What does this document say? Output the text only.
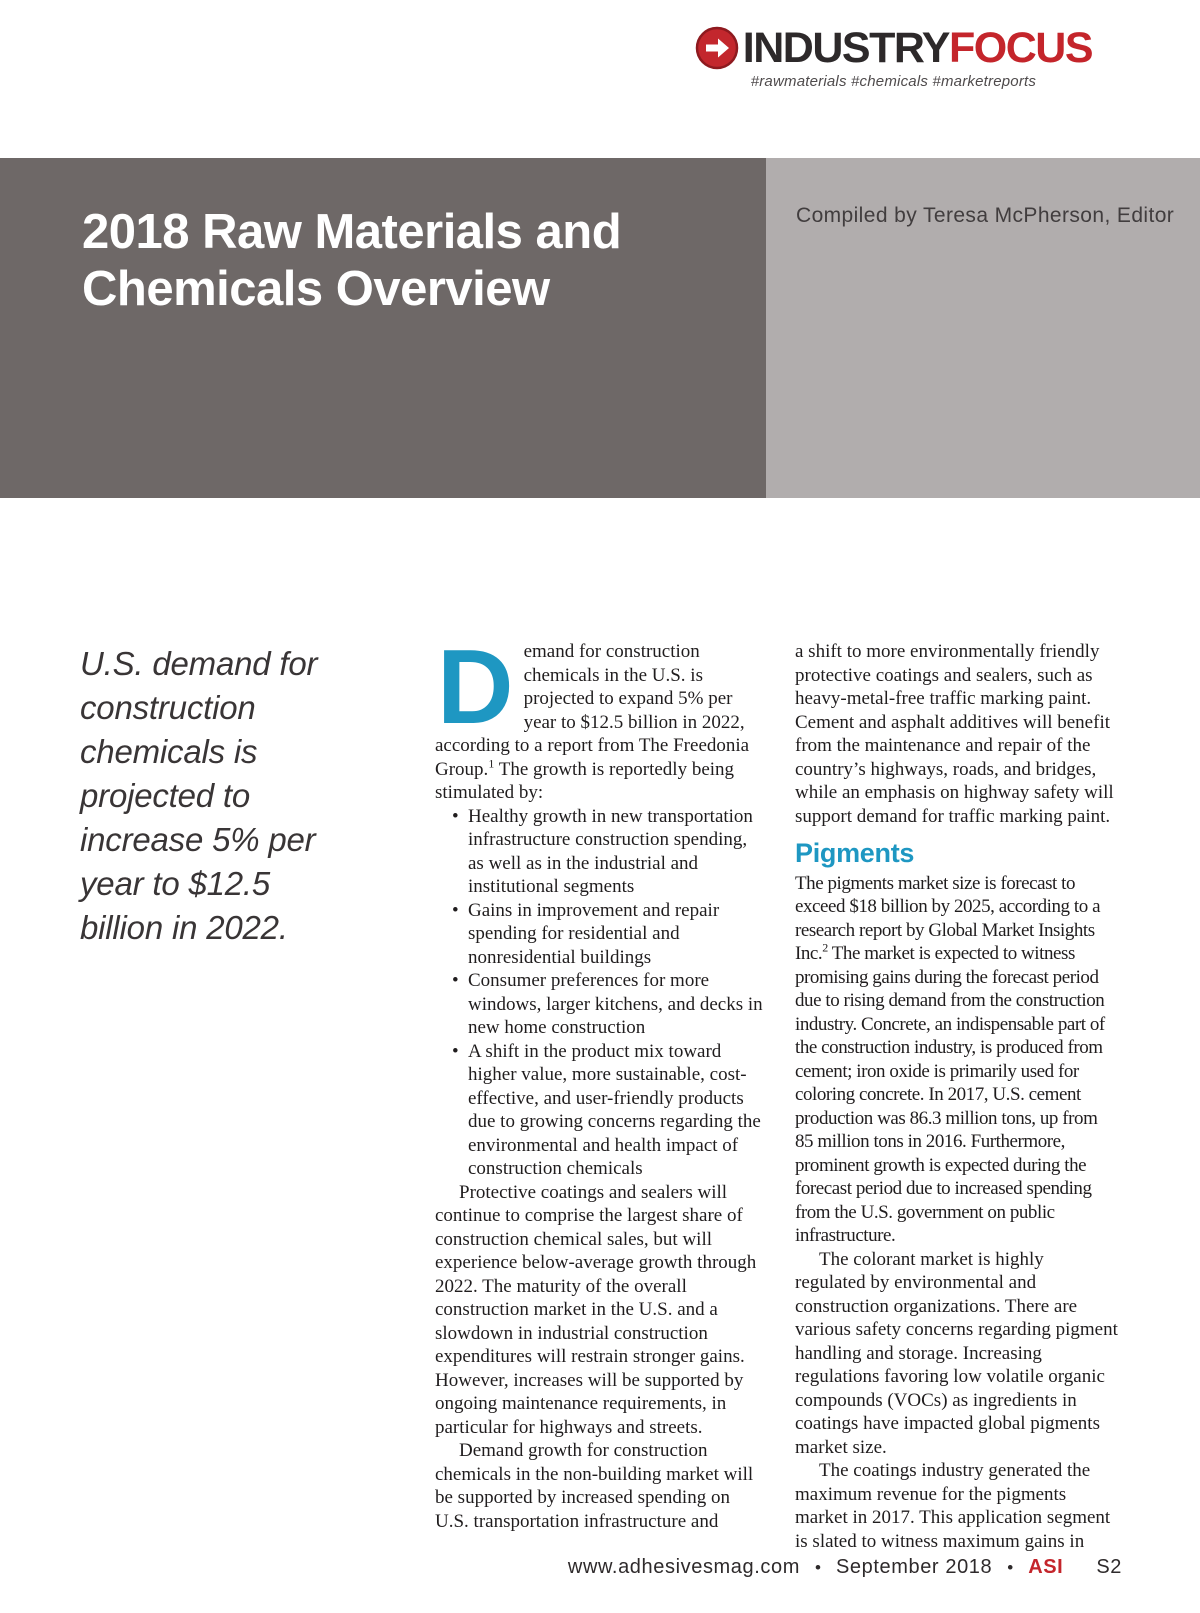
INDUSTRYFOCUS
#rawmaterials #chemicals #marketreports
2018 Raw Materials and
Chemicals Overview
Compiled by Teresa McPherson, Editor
U.S. demand for construction chemicals is projected to increase 5% per year to $12.5 billion in 2022.

Demand for construction chemicals in the U.S. is projected to expand 5% per year to $12.5 billion in 2022, according to a report from The Freedonia Group.$^1$ The growth is reportedly being stimulated by:

• Healthy growth in new transportation infrastructure construction spending, as well as in the industrial and institutional segments
• Gains in improvement and repair spending for residential and nonresidential buildings
• Consumer preferences for more windows, larger kitchens, and decks in new home construction
• A shift in the product mix toward higher value, more sustainable, cost-effective, and user-friendly products due to growing concerns regarding the environmental and health impact of construction chemicals

Protective coatings and sealers will continue to comprise the largest share of construction chemical sales, but will experience below-average growth through 2022. The maturity of the overall construction market in the U.S. and a slowdown in industrial construction expenditures will restrain stronger gains. However, increases will be supported by ongoing maintenance requirements, in particular for highways and streets.

Demand growth for construction chemicals in the non-building market will be supported by increased spending on U.S. transportation infrastructure and

a shift to more environmentally friendly protective coatings and sealers, such as heavy-metal-free traffic marking paint. Cement and asphalt additives will benefit from the maintenance and repair of the country’s highways, roads, and bridges, while an emphasis on highway safety will support demand for traffic marking paint.

Pigments

The pigments market size is forecast to exceed $18 billion by 2025, according to a research report by Global Market Insights Inc.$^2$ The market is expected to witness promising gains during the forecast period due to rising demand from the construction industry. Concrete, an indispensable part of the construction industry, is produced from cement; iron oxide is primarily used for coloring concrete. In 2017, U.S. cement production was 86.3 million tons, up from 85 million tons in 2016. Furthermore, prominent growth is expected during the forecast period due to increased spending from the U.S. government on public infrastructure.

The colorant market is highly regulated by environmental and construction organizations. There are various safety concerns regarding pigment handling and storage. Increasing regulations favoring low volatile organic compounds (VOCs) as ingredients in coatings have impacted global pigments market size.

The coatings industry generated the maximum revenue for the pigments market in 2017. This application segment is slated to witness maximum gains in

www.adhesivesmag.com • September 2018 • ASI S2
